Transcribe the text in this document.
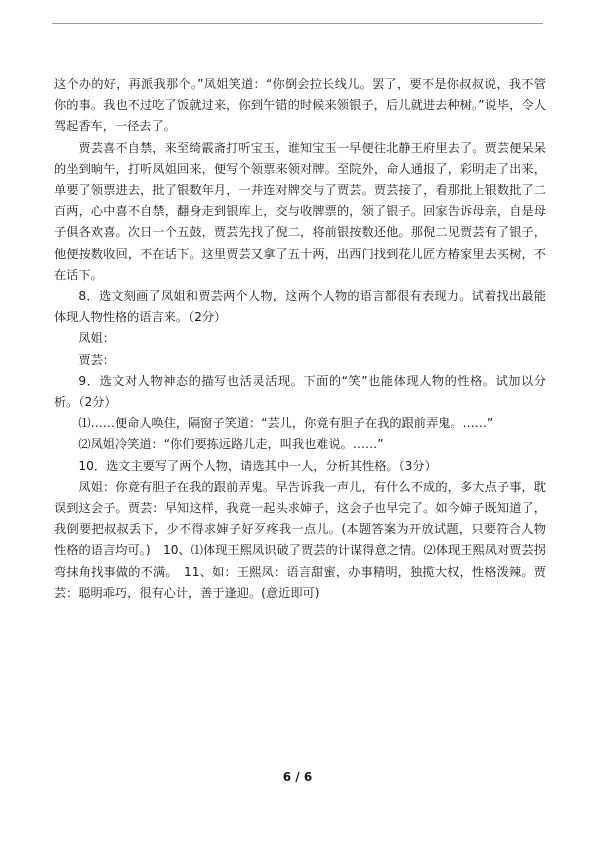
这个办的好，再派我那个。”凤姐笑道：“你倒会拉长线儿。罢了，要不是你叔叔说，我不管你的事。我也不过吃了饭就过来，你到午错的时候来领银子，后儿就进去种树。”说毕，令人驾起香车，一径去了。

贾芸喜不自禁，来至绮霰斋打听宝玉，谁知宝玉一早便往北静王府里去了。贾芸便呆呆的坐到晌午，打听凤姐回来，便写个领票来领对牌。至院外，命人通报了，彩明走了出来，单要了领票进去，批了银数年月，一并连对牌交与了贾芸。贾芸接了，看那批上银数批了二百两，心中喜不自禁，翻身走到银库上，交与收牌票的，领了银子。回家告诉母亲，自是母子俱各欢喜。次日一个五鼓，贾芸先找了倪二，将前银按数还他。那倪二见贾芸有了银子，他便按数收回，不在话下。这里贾芸又拿了五十两，出西门找到花儿匠方椿家里去买树，不在话下。

8．选文刻画了凤姐和贾芸两个人物，这两个人物的语言都很有表现力。试着找出最能体现人物性格的语言来。（2分）

凤姐：

贾芸：

9．选文对人物神态的描写也活灵活现。下面的“笑”也能体现人物的性格。试加以分析。（2分）

⑴……便命人唤住，隔窗子笑道：“芸儿，你竟有胆子在我的跟前弄鬼。……”

⑵凤姐冷笑道：“你们要拣远路儿走，叫我也难说。……”

10．选文主要写了两个人物，请选其中一人，分析其性格。（3分）

凤姐：你竟有胆子在我的跟前弄鬼。早告诉我一声儿，有什么不成的，多大点子事，耽误到这会子。贾芸：早知这样，我竟一起头求婶子，这会子也早完了。如今婶子既知道了，我倒要把叔叔丢下，少不得求婶子好歹疼我一点儿。(本题答案为开放试题，只要符合人物性格的语言均可。)　10、⑴体现王熙凤识破了贾芸的计谋得意之情。⑵体现王熙凤对贾芸拐弯抹角找事做的不满。　11、如：王熙凤：语言甜蜜，办事精明，独揽大权，性格泼辣。贾芸：聪明乖巧，很有心计，善于逢迎。(意近即可)

6 / 6
